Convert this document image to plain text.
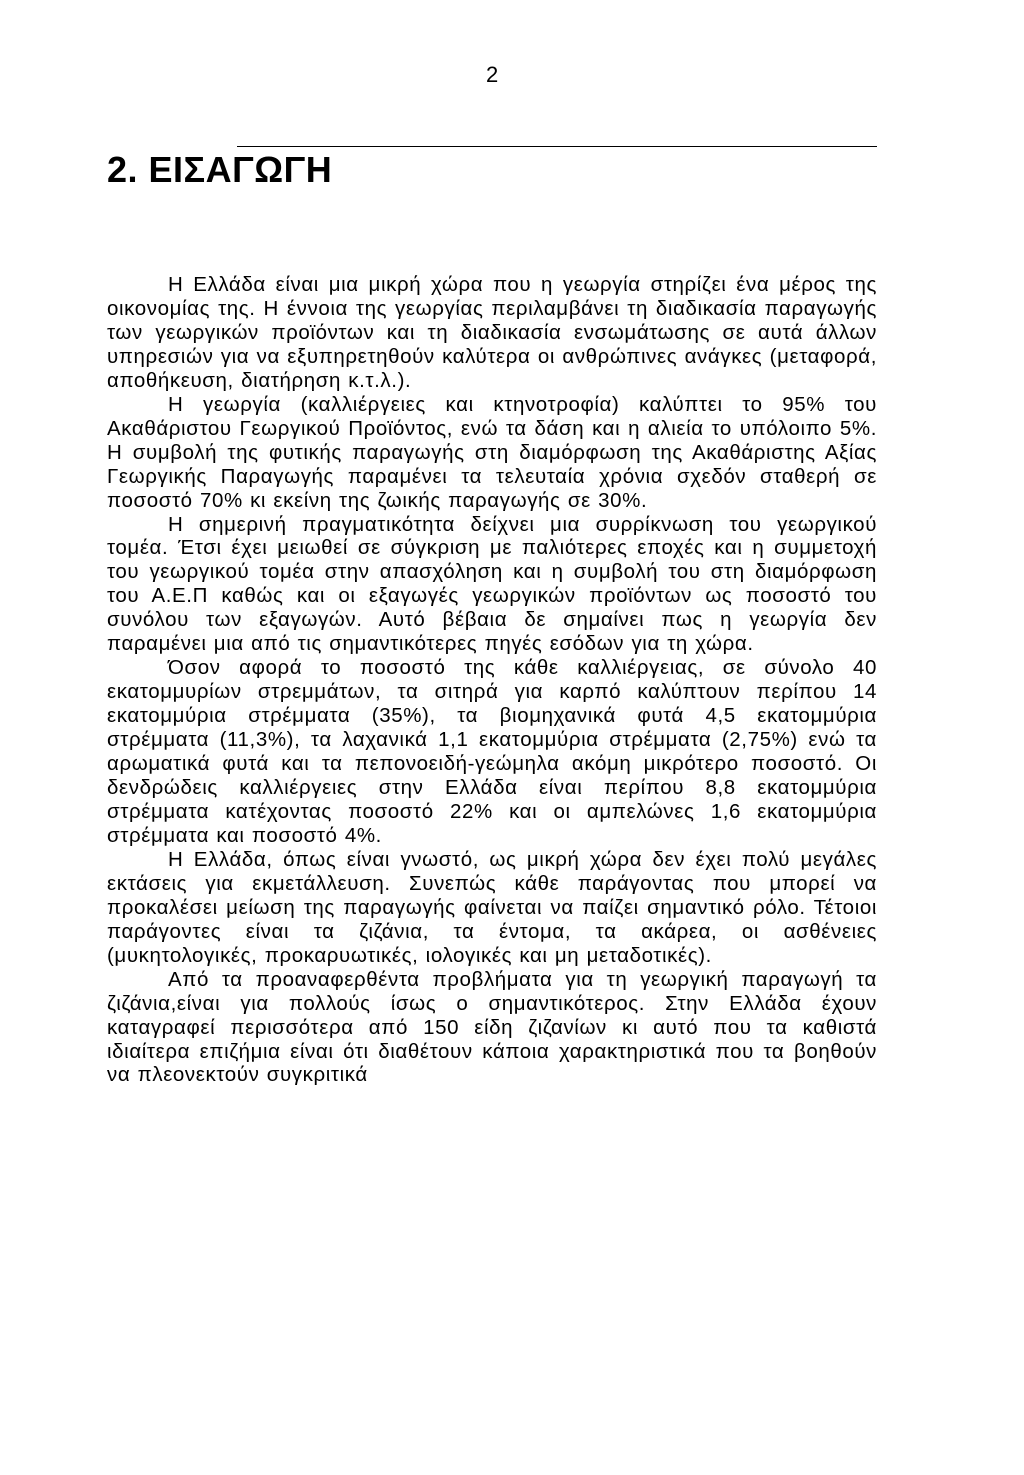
2
2. ΕΙΣΑΓΩΓΗ

Η Ελλάδα είναι μια μικρή χώρα που η γεωργία στηρίζει ένα μέρος της οικονομίας της. Η έννοια της γεωργίας περιλαμβάνει τη διαδικασία παραγωγής των γεωργικών προϊόντων και τη διαδικασία ενσωμάτωσης σε αυτά άλλων υπηρεσιών για να εξυπηρετηθούν καλύτερα οι ανθρώπινες ανάγκες (μεταφορά, αποθήκευση, διατήρηση κ.τ.λ.).

Η γεωργία (καλλιέργειες και κτηνοτροφία) καλύπτει το 95% του Ακαθάριστου Γεωργικού Προϊόντος, ενώ τα δάση και η αλιεία το υπόλοιπο 5%. Η συμβολή της φυτικής παραγωγής στη διαμόρφωση της Ακαθάριστης Αξίας Γεωργικής Παραγωγής παραμένει τα τελευταία χρόνια σχεδόν σταθερή σε ποσοστό 70% κι εκείνη της ζωικής παραγωγής σε 30%.

Η σημερινή πραγματικότητα δείχνει μια συρρίκνωση του γεωργικού τομέα. Έτσι έχει μειωθεί σε σύγκριση με παλιότερες εποχές και η συμμετοχή του γεωργικού τομέα στην απασχόληση και η συμβολή του στη διαμόρφωση του Α.Ε.Π καθώς και οι εξαγωγές γεωργικών προϊόντων ως ποσοστό του συνόλου των εξαγωγών. Αυτό βέβαια δε σημαίνει πως η γεωργία δεν παραμένει μια από τις σημαντικότερες πηγές εσόδων για τη χώρα.

Όσον αφορά το ποσοστό της κάθε καλλιέργειας, σε σύνολο 40 εκατομμυρίων στρεμμάτων, τα σιτηρά για καρπό καλύπτουν περίπου 14 εκατομμύρια στρέμματα (35%), τα βιομηχανικά φυτά 4,5 εκατομμύρια στρέμματα (11,3%), τα λαχανικά 1,1 εκατομμύρια στρέμματα (2,75%) ενώ τα αρωματικά φυτά και τα πεπονοειδή-γεώμηλα ακόμη μικρότερο ποσοστό. Οι δενδρώδεις καλλιέργειες στην Ελλάδα είναι περίπου 8,8 εκατομμύρια στρέμματα κατέχοντας ποσοστό 22% και οι αμπελώνες 1,6 εκατομμύρια στρέμματα και ποσοστό 4%.

Η Ελλάδα, όπως είναι γνωστό, ως μικρή χώρα δεν έχει πολύ μεγάλες εκτάσεις για εκμετάλλευση. Συνεπώς κάθε παράγοντας που μπορεί να προκαλέσει μείωση της παραγωγής φαίνεται να παίζει σημαντικό ρόλο. Τέτοιοι παράγοντες είναι τα ζιζάνια, τα έντομα, τα ακάρεα, οι ασθένειες (μυκητολογικές, προκαρυωτικές, ιολογικές και μη μεταδοτικές).

Από τα προαναφερθέντα προβλήματα για τη γεωργική παραγωγή τα ζιζάνια,είναι για πολλούς ίσως ο σημαντικότερος. Στην Ελλάδα έχουν καταγραφεί περισσότερα από 150 είδη ζιζανίων κι αυτό που τα καθιστά ιδιαίτερα επιζήμια είναι ότι διαθέτουν κάποια χαρακτηριστικά που τα βοηθούν να πλεονεκτούν συγκριτικά
